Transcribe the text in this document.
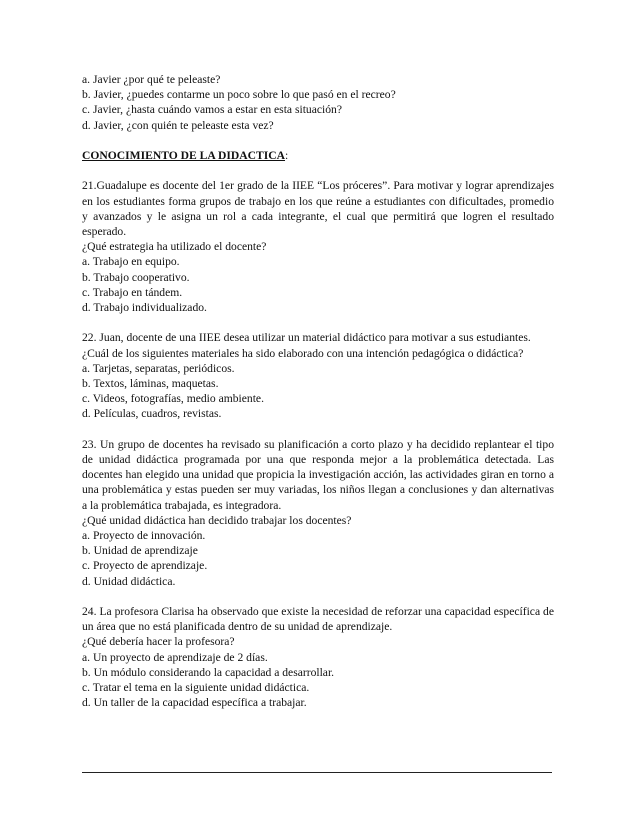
a. Javier ¿por qué te peleaste?
b. Javier, ¿puedes contarme un poco sobre lo que pasó en el recreo?
c. Javier, ¿hasta cuándo vamos a estar en esta situación?
d. Javier, ¿con quién te peleaste esta vez?
CONOCIMIENTO DE LA DIDACTICA:

21.Guadalupe es docente del 1er grado de la IIEE “Los próceres”. Para motivar y lograr aprendizajes en los estudiantes forma grupos de trabajo en los que reúne a estudiantes con dificultades, promedio y avanzados y le asigna un rol a cada integrante, el cual que permitirá que logren el resultado esperado.

¿Qué estrategia ha utilizado el docente?
a. Trabajo en equipo.
b. Trabajo cooperativo.
c. Trabajo en tándem.
d. Trabajo individualizado.

22. Juan, docente de una IIEE desea utilizar un material didáctico para motivar a sus estudiantes.

¿Cuál de los siguientes materiales ha sido elaborado con una intención pedagógica o didáctica?

a. Tarjetas, separatas, periódicos.
b. Textos, láminas, maquetas.
c. Videos, fotografías, medio ambiente.
d. Películas, cuadros, revistas.

23. Un grupo de docentes ha revisado su planificación a corto plazo y ha decidido replantear el tipo de unidad didáctica programada por una que responda mejor a la problemática detectada. Las docentes han elegido una unidad que propicia la investigación acción, las actividades giran en torno a una problemática y estas pueden ser muy variadas, los niños llegan a conclusiones y dan alternativas a la problemática trabajada, es integradora.

¿Qué unidad didáctica han decidido trabajar los docentes?
a. Proyecto de innovación.
b. Unidad de aprendizaje
c. Proyecto de aprendizaje.
d. Unidad didáctica.

24. La profesora Clarisa ha observado que existe la necesidad de reforzar una capacidad específica de un área que no está planificada dentro de su unidad de aprendizaje.

¿Qué debería hacer la profesora?
a. Un proyecto de aprendizaje de 2 días.
b. Un módulo considerando la capacidad a desarrollar.
c. Tratar el tema en la siguiente unidad didáctica.
d. Un taller de la capacidad específica a trabajar.
